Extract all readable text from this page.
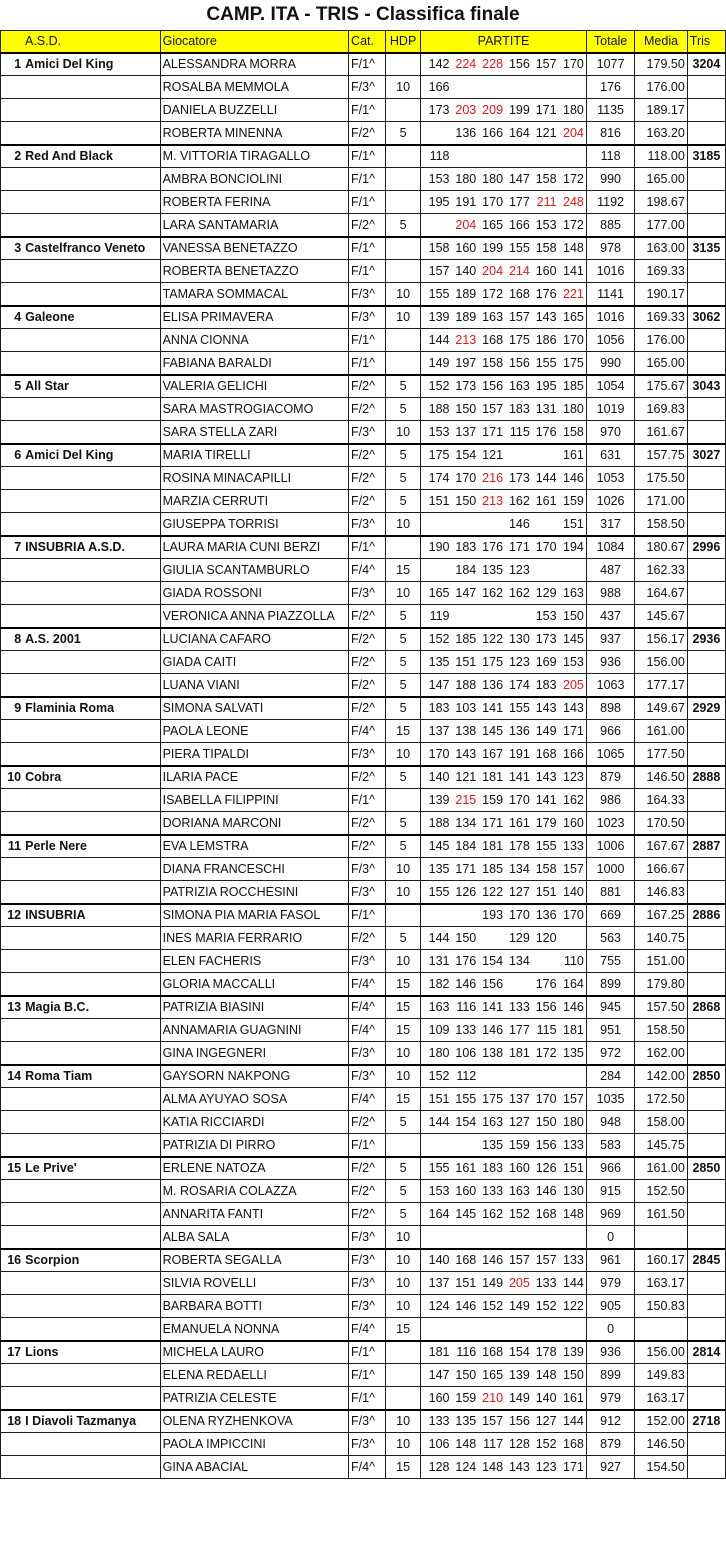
CAMP. ITA - TRIS - Classifica finale
A.S.D.		Giocatore	Cat.	HDP	PARTITE						Totale	Media	Tris
1	Amici Del King	ALESSANDRA MORRA	F/1^		142	224	228	156	157	170	1077	179.50	3204
		ROSALBA MEMMOLA	F/3^	10	166						176	176.00	
		DANIELA BUZZELLI	F/1^		173	203	209	199	171	180	1135	189.17	
		ROBERTA MINENNA	F/2^	5		136	166	164	121	204	816	163.20	
2	Red And Black	M. VITTORIA TIRAGALLO	F/1^		118						118	118.00	3185
		AMBRA BONCIOLINI	F/1^		153	180	180	147	158	172	990	165.00	
		ROBERTA FERINA	F/1^		195	191	170	177	211	248	1192	198.67	
		LARA SANTAMARIA	F/2^	5		204	165	166	153	172	885	177.00	
3	Castelfranco Veneto	VANESSA BENETAZZO	F/1^		158	160	199	155	158	148	978	163.00	3135
		ROBERTA BENETAZZO	F/1^		157	140	204	214	160	141	1016	169.33	
		TAMARA SOMMACAL	F/3^	10	155	189	172	168	176	221	1141	190.17	
4	Galeone	ELISA PRIMAVERA	F/3^	10	139	189	163	157	143	165	1016	169.33	3062
		ANNA CIONNA	F/1^		144	213	168	175	186	170	1056	176.00	
		FABIANA BARALDI	F/1^		149	197	158	156	155	175	990	165.00	
5	All Star	VALERIA GELICHI	F/2^	5	152	173	156	163	195	185	1054	175.67	3043
		SARA MASTROGIACOMO	F/2^	5	188	150	157	183	131	180	1019	169.83	
		SARA STELLA ZARI	F/3^	10	153	137	171	115	176	158	970	161.67	
6	Amici Del King	MARIA TIRELLI	F/2^	5	175	154	121			161	631	157.75	3027
		ROSINA MINACAPILLI	F/2^	5	174	170	216	173	144	146	1053	175.50	
		MARZIA CERRUTI	F/2^	5	151	150	213	162	161	159	1026	171.00	
		GIUSEPPA TORRISI	F/3^	10				146		151	317	158.50	
7	INSUBRIA A.S.D.	LAURA MARIA CUNI BERZI	F/1^		190	183	176	171	170	194	1084	180.67	2996
		GIULIA SCANTAMBURLO	F/4^	15		184	135	123			487	162.33	
		GIADA ROSSONI	F/3^	10	165	147	162	162	129	163	988	164.67	
		VERONICA ANNA PIAZZOLLA	F/2^	5	119				153	150	437	145.67	
8	A.S. 2001	LUCIANA CAFARO	F/2^	5	152	185	122	130	173	145	937	156.17	2936
		GIADA CAITI	F/2^	5	135	151	175	123	169	153	936	156.00	
		LUANA VIANI	F/2^	5	147	188	136	174	183	205	1063	177.17	
9	Flaminia Roma	SIMONA SALVATI	F/2^	5	183	103	141	155	143	143	898	149.67	2929
		PAOLA LEONE	F/4^	15	137	138	145	136	149	171	966	161.00	
		PIERA TIPALDI	F/3^	10	170	143	167	191	168	166	1065	177.50	
10	Cobra	ILARIA PACE	F/2^	5	140	121	181	141	143	123	879	146.50	2888
		ISABELLA FILIPPINI	F/1^		139	215	159	170	141	162	986	164.33	
		DORIANA MARCONI	F/2^	5	188	134	171	161	179	160	1023	170.50	
11	Perle Nere	EVA LEMSTRA	F/2^	5	145	184	181	178	155	133	1006	167.67	2887
		DIANA FRANCESCHI	F/3^	10	135	171	185	134	158	157	1000	166.67	
		PATRIZIA ROCCHESINI	F/3^	10	155	126	122	127	151	140	881	146.83	
12	INSUBRIA	SIMONA PIA MARIA FASOL	F/1^				193	170	136	170	669	167.25	2886
		INES MARIA FERRARIO	F/2^	5	144	150		129	120		563	140.75	
		ELEN FACHERIS	F/3^	10	131	176	154	134		110	755	151.00	
		GLORIA MACCALLI	F/4^	15	182	146	156		176	164	899	179.80	
13	Magia B.C.	PATRIZIA BIASINI	F/4^	15	163	116	141	133	156	146	945	157.50	2868
		ANNAMARIA GUAGNINI	F/4^	15	109	133	146	177	115	181	951	158.50	
		GINA INGEGNERI	F/3^	10	180	106	138	181	172	135	972	162.00	
14	Roma Tiam	GAYSORN NAKPONG	F/3^	10	152	112					284	142.00	2850
		ALMA AYUYAO SOSA	F/4^	15	151	155	175	137	170	157	1035	172.50	
		KATIA RICCIARDI	F/2^	5	144	154	163	127	150	180	948	158.00	
		PATRIZIA DI PIRRO	F/1^				135	159	156	133	583	145.75	
15	Le Prive'	ERLENE NATOZA	F/2^	5	155	161	183	160	126	151	966	161.00	2850
		M. ROSARIA COLAZZA	F/2^	5	153	160	133	163	146	130	915	152.50	
		ANNARITA FANTI	F/2^	5	164	145	162	152	168	148	969	161.50	
		ALBA SALA	F/3^	10							0		
16	Scorpion	ROBERTA SEGALLA	F/3^	10	140	168	146	157	157	133	961	160.17	2845
		SILVIA ROVELLI	F/3^	10	137	151	149	205	133	144	979	163.17	
		BARBARA BOTTI	F/3^	10	124	146	152	149	152	122	905	150.83	
		EMANUELA NONNA	F/4^	15							0		
17	Lions	MICHELA LAURO	F/1^		181	116	168	154	178	139	936	156.00	2814
		ELENA REDAELLI	F/1^		147	150	165	139	148	150	899	149.83	
		PATRIZIA CELESTE	F/1^		160	159	210	149	140	161	979	163.17	
18	I Diavoli Tazmanya	OLENA RYZHENKOVA	F/3^	10	133	135	157	156	127	144	912	152.00	2718
		PAOLA IMPICCINI	F/3^	10	106	148	117	128	152	168	879	146.50	
		GINA ABACIAL	F/4^	15	128	124	148	143	123	171	927	154.50	
